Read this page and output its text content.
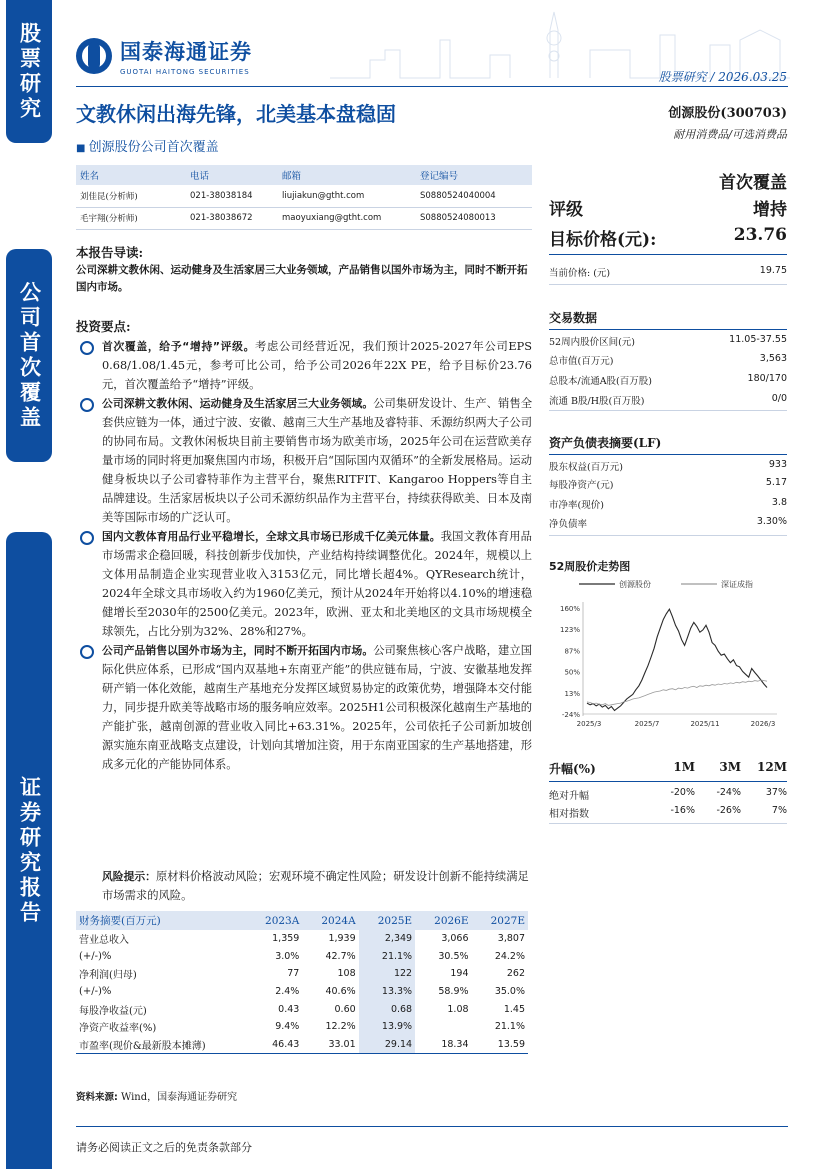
股票研究
公司首次覆盖
证券研究报告
国泰海通证券
GUOTAI HAITONG SECURITIES	股票研究 / 2026.03.25
文教休闲出海先锋，北美基本盘稳固
■ 创源股份公司首次覆盖
创源股份(300703)
耐用消费品/可选消费品
姓名	电话	邮箱	登记编号
刘佳昆(分析师)	021-38038184	liujiakun@gtht.com	S0880524040004
毛宇翔(分析师)	021-38038672	maoyuxiang@gtht.com	S0880524080013
首次覆盖
评级	增持
目标价格(元):	23.76
当前价格: (元)	19.75
交易数据
52周内股价区间(元)	11.05-37.55
总市值(百万元)	3,563
总股本/流通A股(百万股)	180/170
流通 B股/H股(百万股)	0/0
资产负债表摘要(LF)
股东权益(百万元)	933
每股净资产(元)	5.17
市净率(现价)	3.8
净负债率	3.30%
52周股价走势图
创源股份	深证成指
160%
123%
87%
50%
13%
-24%
2025/3	2025/7	2025/11	2026/3
升幅(%)	1M	3M	12M
绝对升幅	-20%	-24%	37%
相对指数	-16%	-26%	7%
本报告导读:
公司深耕文教休闲、运动健身及生活家居三大业务领域，产品销售以国外市场为主，同时不断开拓国内市场。
投资要点:
首次覆盖，给予“增持”评级。考虑公司经营近况，我们预计2025-2027年公司EPS 0.68/1.08/1.45元，参考可比公司，给予公司2026年22X PE，给予目标价23.76元，首次覆盖给予“增持”评级。
公司深耕文教休闲、运动健身及生活家居三大业务领域。公司集研发设计、生产、销售全套供应链为一体，通过宁波、安徽、越南三大生产基地及睿特菲、禾源纺织两大子公司的协同布局。文教休闲板块目前主要销售市场为欧美市场，2025年公司在运营欧美存量市场的同时将更加聚焦国内市场，积极开启“国际国内双循环”的全新发展格局。运动健身板块以子公司睿特菲作为主营平台，聚焦RITFIT、Kangaroo Hoppers等自主品牌建设。生活家居板块以子公司禾源纺织品作为主营平台，持续获得欧美、日本及南美等国际市场的广泛认可。
国内文教体育用品行业平稳增长，全球文具市场已形成千亿美元体量。我国文教体育用品市场需求企稳回暖，科技创新步伐加快，产业结构持续调整优化。2024年，规模以上文体用品制造企业实现营业收入3153亿元，同比增长超4%。QYResearch统计，2024年全球文具市场收入约为1960亿美元，预计从2024年开始将以4.10%的增速稳健增长至2030年的2500亿美元。2023年，欧洲、亚太和北美地区的文具市场规模全球领先，占比分别为32%、28%和27%。
公司产品销售以国外市场为主，同时不断开拓国内市场。公司聚焦核心客户战略，建立国际化供应体系，已形成“国内双基地+东南亚产能”的供应链布局，宁波、安徽基地发挥研产销一体化效能，越南生产基地充分发挥区域贸易协定的政策优势，增强降本交付能力，同步提升欧美等战略市场的服务响应效率。2025H1公司积极深化越南生产基地的产能扩张，越南创源的营业收入同比+63.31%。2025年，公司依托子公司新加坡创源实施东南亚战略支点建设，计划向其增加注资，用于东南亚国家的生产基地搭建，形成多元化的产能协同体系。
风险提示：原材料价格波动风险；宏观环境不确定性风险；研发设计创新不能持续满足市场需求的风险。
财务摘要(百万元)	2023A	2024A	2025E	2026E	2027E
营业总收入	1,359	1,939	2,349	3,066	3,807
(+/-)%	3.0%	42.7%	21.1%	30.5%	24.2%
净利润(归母)	77	108	122	194	262
(+/-)%	2.4%	40.6%	13.3%	58.9%	35.0%
每股净收益(元)	0.43	0.60	0.68	1.08	1.45
净资产收益率(%)	9.4%	12.2%	13.9%		21.1%
市盈率(现价&最新股本摊薄)	46.43	33.01	29.14	18.34	13.59
资料来源: Wind，国泰海通证券研究
请务必阅读正文之后的免责条款部分
